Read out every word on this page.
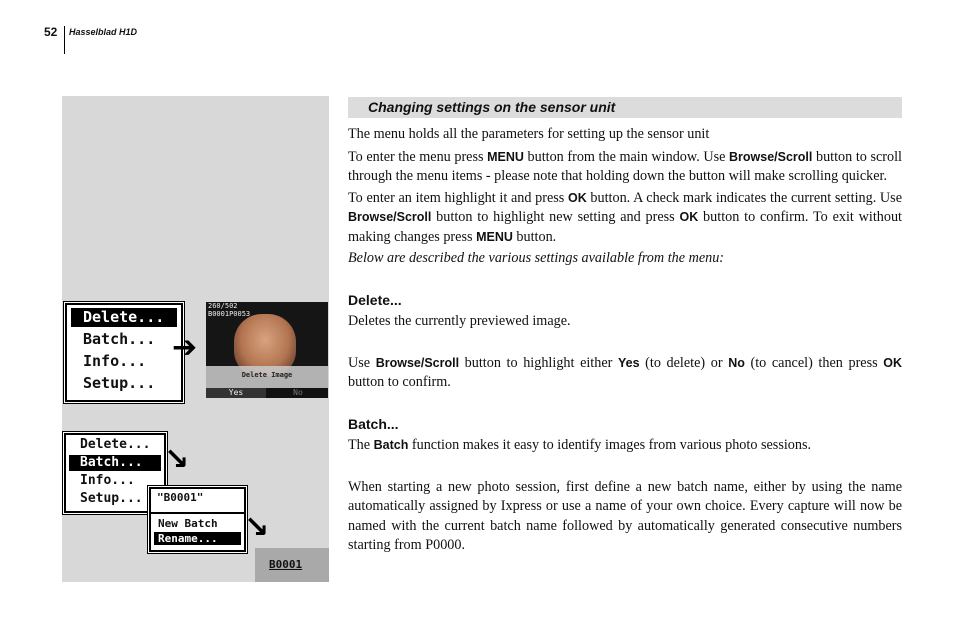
52 Hasselblad H1D
Delete...
Batch...
Info...
Setup...
➔
260/502
B0001P0053
Delete Image
Yes	No
Delete...
Batch...
Info...
Setup...
↘
"B0001"
New Batch
Rename... ↘
B0001
Changing settings on the sensor unit

The menu holds all the parameters for setting up the sensor unit

To enter the menu press MENU button from the main window. Use Browse/Scroll button to scroll through the menu items - please note that holding down the button will make scrolling quicker.

To enter an item highlight it and press OK button. A check mark indicates the current setting. Use Browse/Scroll button to highlight new setting and press OK button to confirm. To exit without making changes press MENU button.

Below are described the various settings available from the menu:

Delete...

Deletes the currently previewed image.

Use Browse/Scroll button to highlight either Yes (to delete) or No (to cancel) then press OK button to confirm.

Batch...

The Batch function makes it easy to identify images from various photo sessions.

When starting a new photo session, first define a new batch name, either by using the name automatically assigned by Ixpress or use a name of your own choice. Every capture will now be named with the current batch name followed by automatically generated consecutive numbers starting from P0000.
